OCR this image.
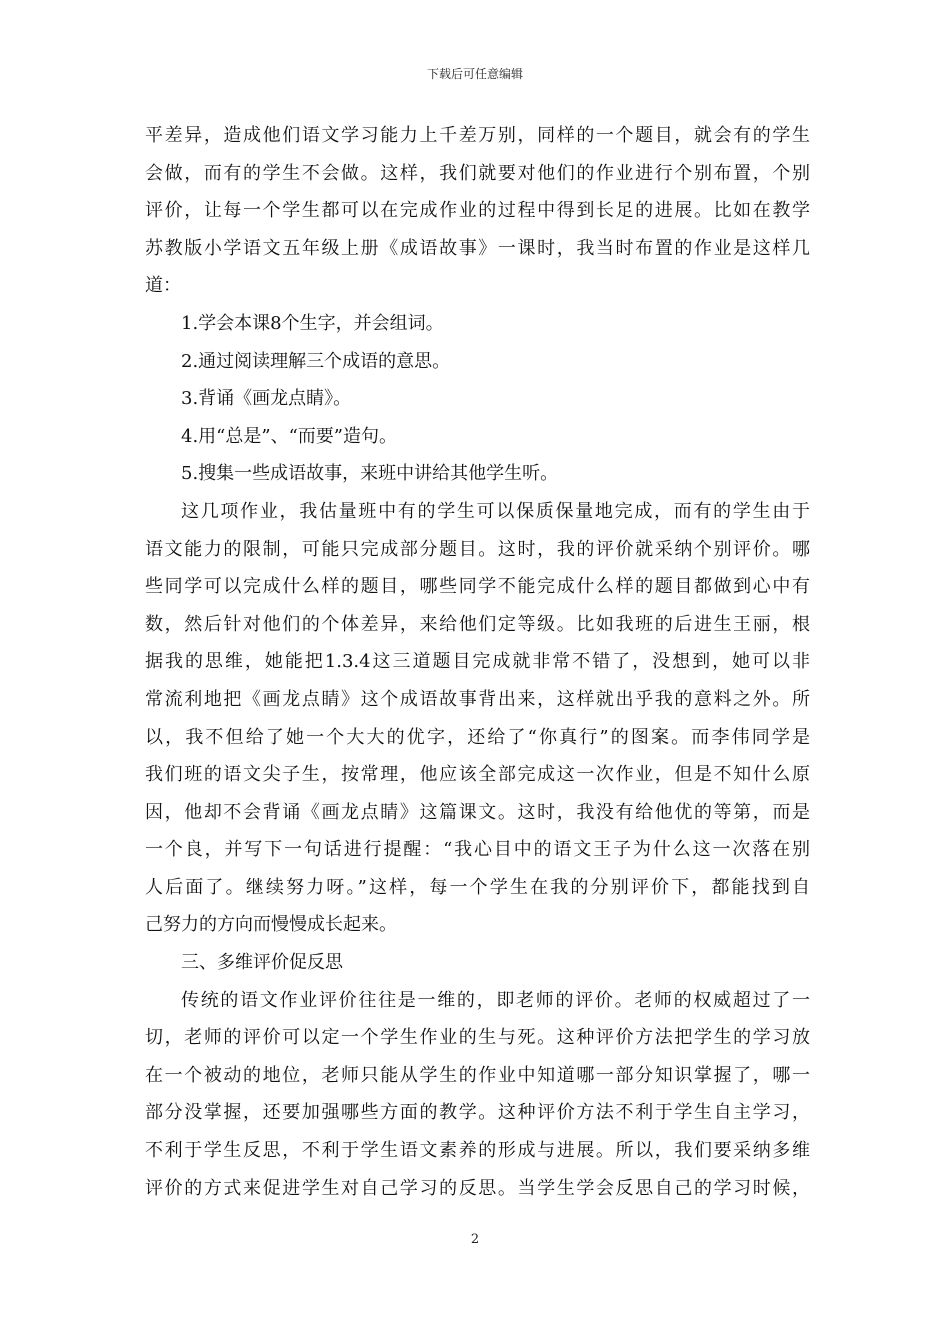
下载后可任意编辑
平差异，造成他们语文学习能力上千差万别，同样的一个题目，就会有的学生
会做，而有的学生不会做。这样，我们就要对他们的作业进行个别布置，个别
评价，让每一个学生都可以在完成作业的过程中得到长足的进展。比如在教学
苏教版小学语文五年级上册《成语故事》一课时，我当时布置的作业是这样几
道：
1.学会本课8个生字，并会组词。
2.通过阅读理解三个成语的意思。
3.背诵《画龙点睛》。
4.用“总是”、“而要”造句。
5.搜集一些成语故事，来班中讲给其他学生听。
这几项作业，我估量班中有的学生可以保质保量地完成，而有的学生由于
语文能力的限制，可能只完成部分题目。这时，我的评价就采纳个别评价。哪
些同学可以完成什么样的题目，哪些同学不能完成什么样的题目都做到心中有
数，然后针对他们的个体差异，来给他们定等级。比如我班的后进生王丽，根
据我的思维，她能把1.3.4这三道题目完成就非常不错了，没想到，她可以非
常流利地把《画龙点睛》这个成语故事背出来，这样就出乎我的意料之外。所
以，我不但给了她一个大大的优字，还给了“你真行”的图案。而李伟同学是
我们班的语文尖子生，按常理，他应该全部完成这一次作业，但是不知什么原
因，他却不会背诵《画龙点睛》这篇课文。这时，我没有给他优的等第，而是
一个良，并写下一句话进行提醒：“我心目中的语文王子为什么这一次落在别
人后面了。继续努力呀。”这样，每一个学生在我的分别评价下，都能找到自
己努力的方向而慢慢成长起来。
三、多维评价促反思
传统的语文作业评价往往是一维的，即老师的评价。老师的权威超过了一
切，老师的评价可以定一个学生作业的生与死。这种评价方法把学生的学习放
在一个被动的地位，老师只能从学生的作业中知道哪一部分知识掌握了，哪一
部分没掌握，还要加强哪些方面的教学。这种评价方法不利于学生自主学习，
不利于学生反思，不利于学生语文素养的形成与进展。所以，我们要采纳多维
评价的方式来促进学生对自己学习的反思。当学生学会反思自己的学习时候，
2
